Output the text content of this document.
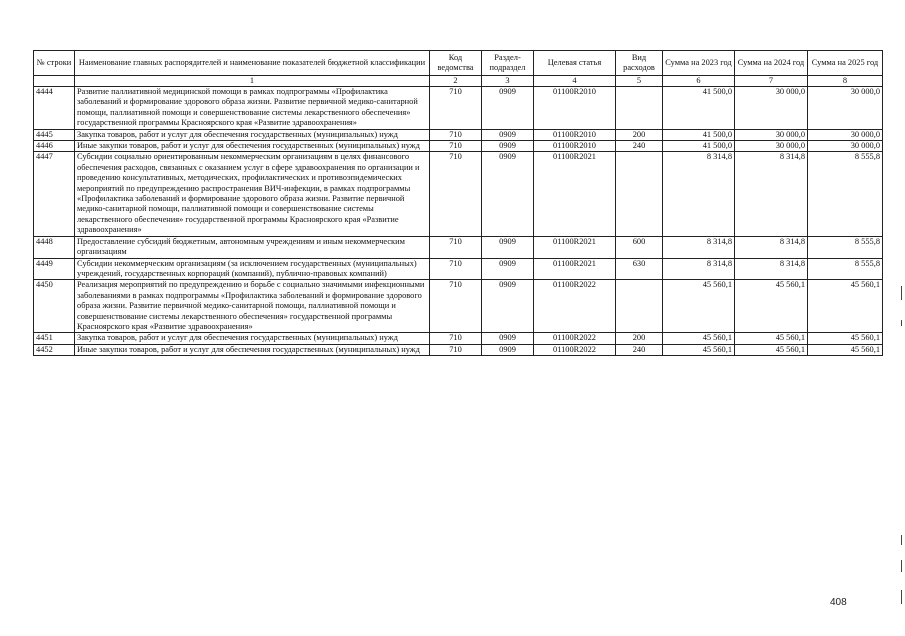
№ строки	Наименование главных распорядителей и наименование показателей бюджетной классификации	Код ведомства	Раздел-подраздел	Целевая статья	Вид расходов	Сумма на 2023 год	Сумма на 2024 год	Сумма на 2025 год
	1	2	3	4	5	6	7	8
4444	Развитие паллиативной медицинской помощи в рамках подпрограммы «Профилактика заболеваний и формирование здорового образа жизни. Развитие первичной медико-санитарной помощи, паллиативной помощи и совершенствование системы лекарственного обеспечения» государственной программы Красноярского края «Развитие здравоохранения»	710	0909	01100R2010		41 500,0	30 000,0	30 000,0
4445	Закупка товаров, работ и услуг для обеспечения государственных (муниципальных) нужд	710	0909	01100R2010	200	41 500,0	30 000,0	30 000,0
4446	Иные закупки товаров, работ и услуг для обеспечения государственных (муниципальных) нужд	710	0909	01100R2010	240	41 500,0	30 000,0	30 000,0
4447	Субсидии социально ориентированным некоммерческим организациям в целях финансового обеспечения расходов, связанных с оказанием услуг в сфере здравоохранения по организации и проведению консультативных, методических, профилактических и противоэпидемических мероприятий по предупреждению распространения ВИЧ-инфекции, в рамках подпрограммы «Профилактика заболеваний и формирование здорового образа жизни. Развитие первичной медико-санитарной помощи, паллиативной помощи и совершенствование системы лекарственного обеспечения» государственной программы Красноярского края «Развитие здравоохранения»	710	0909	01100R2021		8 314,8	8 314,8	8 555,8
4448	Предоставление субсидий бюджетным, автономным учреждениям и иным некоммерческим организациям	710	0909	01100R2021	600	8 314,8	8 314,8	8 555,8
4449	Субсидии некоммерческим организациям (за исключением государственных (муниципальных) учреждений, государственных корпораций (компаний), публично-правовых компаний)	710	0909	01100R2021	630	8 314,8	8 314,8	8 555,8
4450	Реализация мероприятий по предупреждению и борьбе с социально значимыми инфекционными заболеваниями в рамках подпрограммы «Профилактика заболеваний и формирование здорового образа жизни. Развитие первичной медико-санитарной помощи, паллиативной помощи и совершенствование системы лекарственного обеспечения» государственной программы Красноярского края «Развитие здравоохранения»	710	0909	01100R2022		45 560,1	45 560,1	45 560,1
4451	Закупка товаров, работ и услуг для обеспечения государственных (муниципальных) нужд	710	0909	01100R2022	200	45 560,1	45 560,1	45 560,1
4452	Иные закупки товаров, работ и услуг для обеспечения государственных (муниципальных) нужд	710	0909	01100R2022	240	45 560,1	45 560,1	45 560,1
408
